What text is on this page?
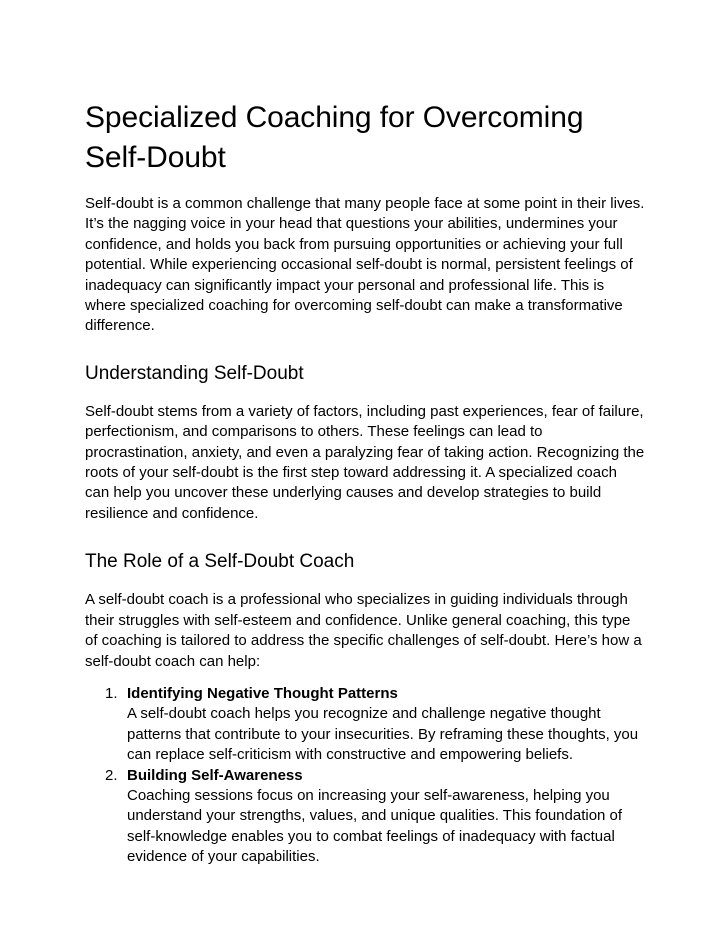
Specialized Coaching for Overcoming Self-Doubt

Self-doubt is a common challenge that many people face at some point in their lives. It’s the nagging voice in your head that questions your abilities, undermines your confidence, and holds you back from pursuing opportunities or achieving your full potential. While experiencing occasional self-doubt is normal, persistent feelings of inadequacy can significantly impact your personal and professional life. This is where specialized coaching for overcoming self-doubt can make a transformative difference.

Understanding Self-Doubt

Self-doubt stems from a variety of factors, including past experiences, fear of failure, perfectionism, and comparisons to others. These feelings can lead to procrastination, anxiety, and even a paralyzing fear of taking action. Recognizing the roots of your self-doubt is the first step toward addressing it. A specialized coach can help you uncover these underlying causes and develop strategies to build resilience and confidence.

The Role of a Self-Doubt Coach

A self-doubt coach is a professional who specializes in guiding individuals through their struggles with self-esteem and confidence. Unlike general coaching, this type of coaching is tailored to address the specific challenges of self-doubt. Here’s how a self-doubt coach can help:

1. Identifying Negative Thought Patterns
A self-doubt coach helps you recognize and challenge negative thought patterns that contribute to your insecurities. By reframing these thoughts, you can replace self-criticism with constructive and empowering beliefs.
2. Building Self-Awareness
Coaching sessions focus on increasing your self-awareness, helping you understand your strengths, values, and unique qualities. This foundation of self-knowledge enables you to combat feelings of inadequacy with factual evidence of your capabilities.
